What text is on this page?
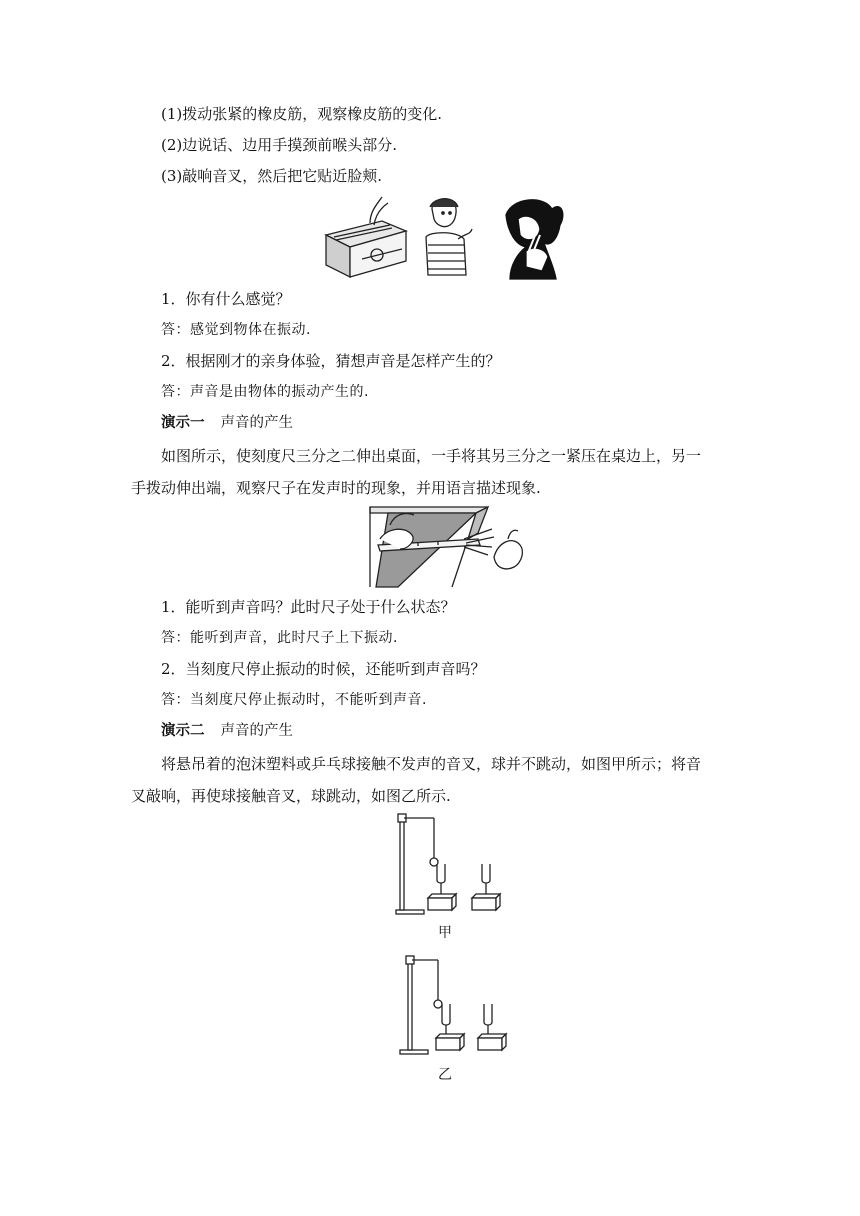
(1)拨动张紧的橡皮筋，观察橡皮筋的变化.
(2)边说话、边用手摸颈前喉头部分.
(3)敲响音叉，然后把它贴近脸颊.
1．你有什么感觉？
答：感觉到物体在振动.
2．根据刚才的亲身体验，猜想声音是怎样产生的？
答：声音是由物体的振动产生的.
演示一 声音的产生
如图所示，使刻度尺三分之二伸出桌面，一手将其另三分之一紧压在桌边上，另一
手拨动伸出端，观察尺子在发声时的现象，并用语言描述现象.
1．能听到声音吗？此时尺子处于什么状态？
答：能听到声音，此时尺子上下振动.
2．当刻度尺停止振动的时候，还能听到声音吗？
答：当刻度尺停止振动时，不能听到声音.
演示二 声音的产生
将悬吊着的泡沫塑料或乒乓球接触不发声的音叉，球并不跳动，如图甲所示；将音
叉敲响，再使球接触音叉，球跳动，如图乙所示.
甲
乙
